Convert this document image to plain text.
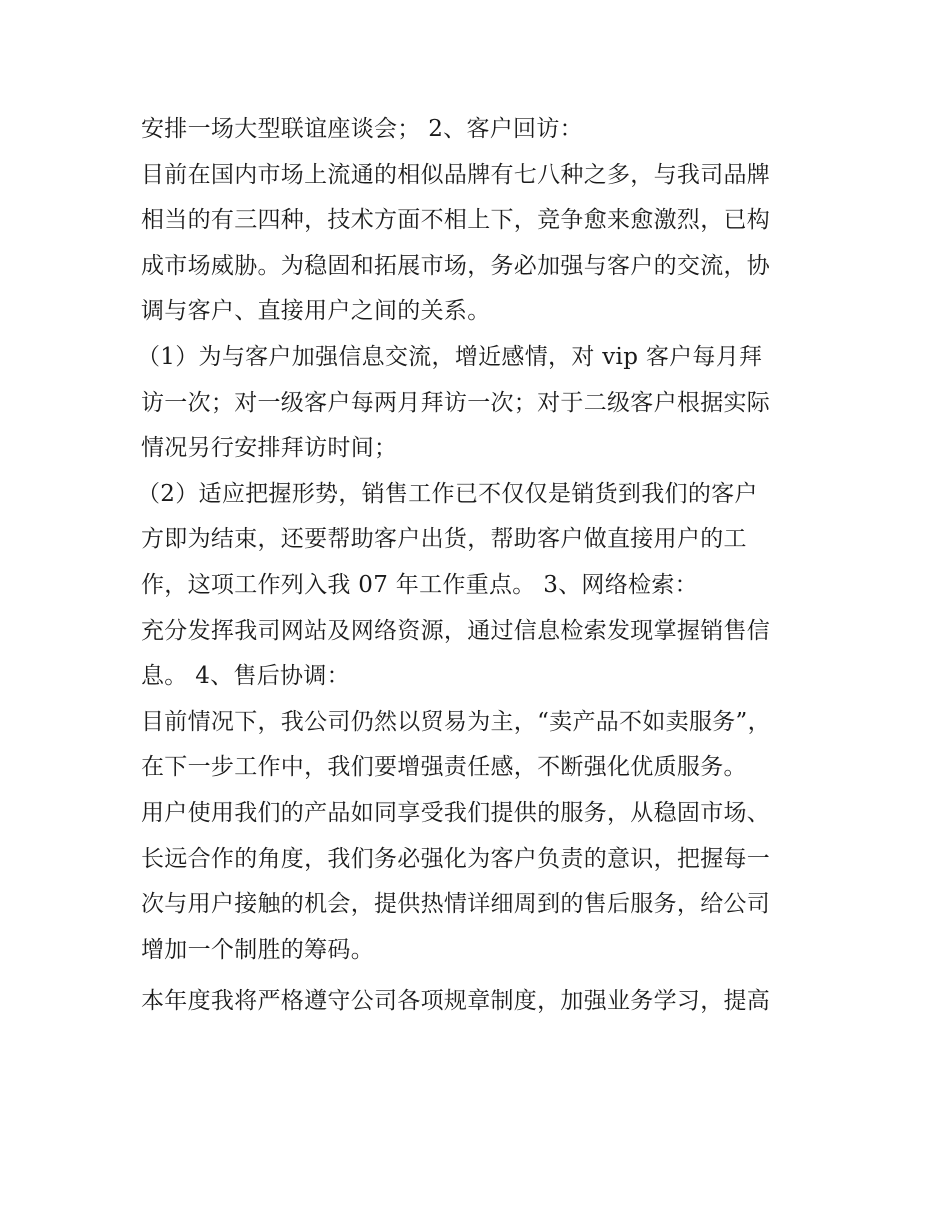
安排一场大型联谊座谈会； 2、客户回访：
目前在国内市场上流通的相似品牌有七八种之多，与我司品牌
相当的有三四种，技术方面不相上下，竞争愈来愈激烈，已构
成市场威胁。为稳固和拓展市场，务必加强与客户的交流，协
调与客户、直接用户之间的关系。
（1）为与客户加强信息交流，增近感情，对 vip 客户每月拜
访一次；对一级客户每两月拜访一次；对于二级客户根据实际
情况另行安排拜访时间；
（2）适应把握形势，销售工作已不仅仅是销货到我们的客户
方即为结束，还要帮助客户出货，帮助客户做直接用户的工
作，这项工作列入我 07 年工作重点。 3、网络检索：
充分发挥我司网站及网络资源，通过信息检索发现掌握销售信
息。 4、售后协调：
目前情况下，我公司仍然以贸易为主，“卖产品不如卖服务”，
在下一步工作中，我们要增强责任感，不断强化优质服务。
用户使用我们的产品如同享受我们提供的服务，从稳固市场、
长远合作的角度，我们务必强化为客户负责的意识，把握每一
次与用户接触的机会，提供热情详细周到的售后服务，给公司
增加一个制胜的筹码。
本年度我将严格遵守公司各项规章制度，加强业务学习，提高
